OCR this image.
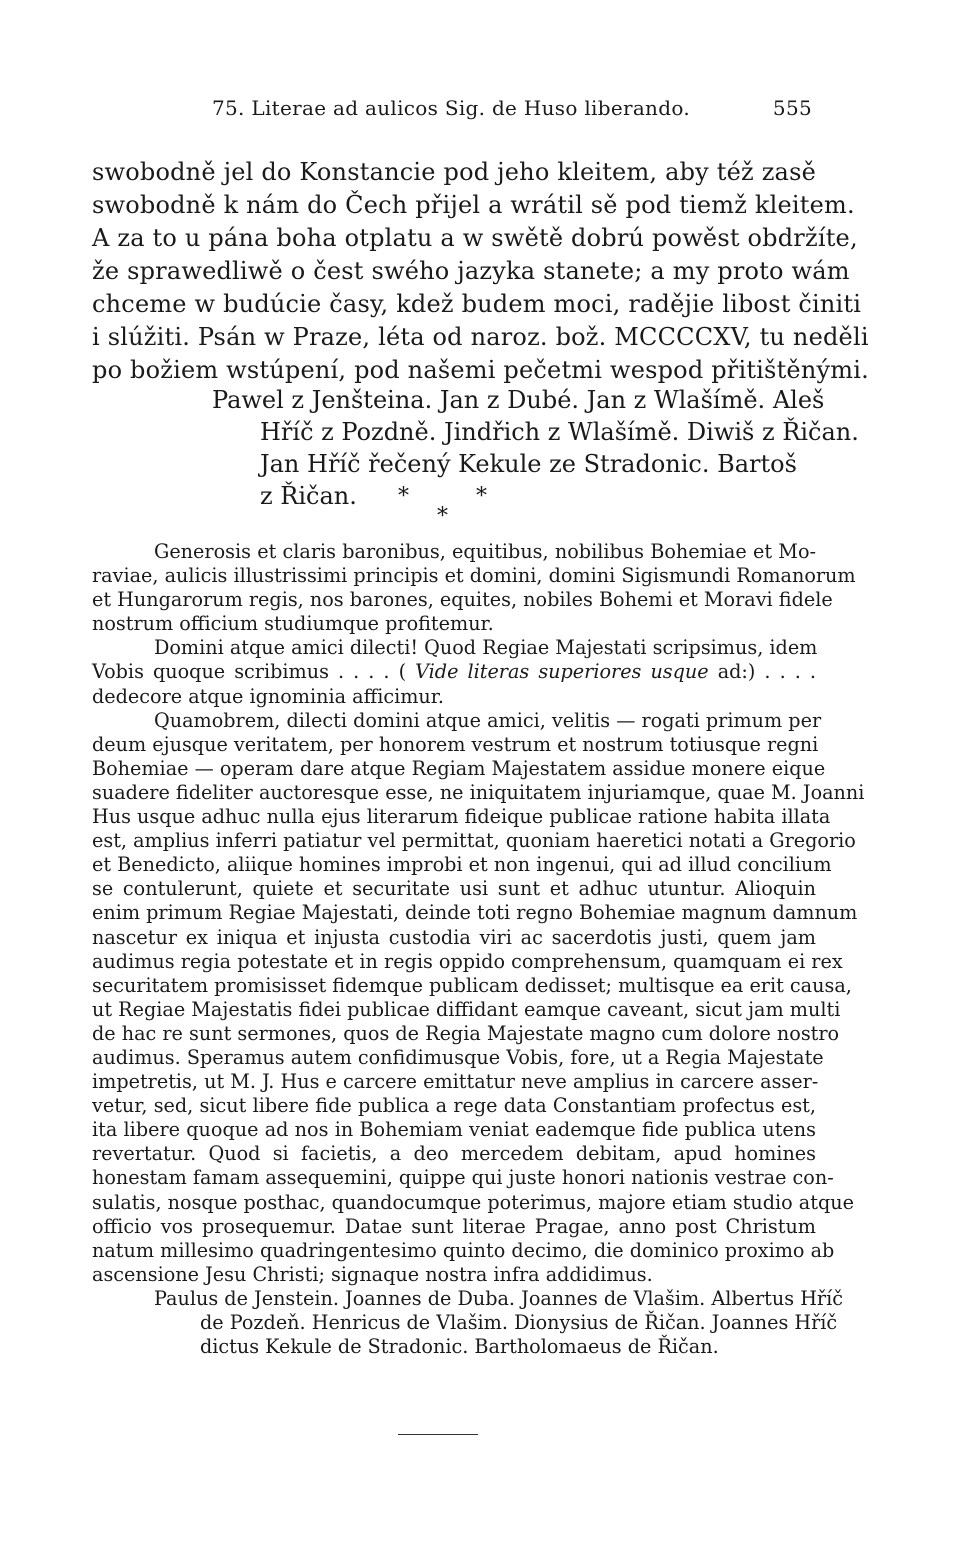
75. Literae ad aulicos Sig. de Huso liberando.	555
swobodně jel do Konstancie pod jeho kleitem, aby též zasě
swobodně k nám do Čech přijel a wrátil sě pod tiemž kleitem.
A za to u pána boha otplatu a w swětě dobrú powěst obdržíte,
že sprawedliwě o čest swého jazyka stanete; a my proto wám
chceme w budúcie časy, kdež budem moci, radějie libost činiti
i slúžiti. Psán w Praze, léta od naroz. bož. MCCCCXV, tu neděli
po božiem wstúpení, pod našemi pečetmi wespod přitištěnými.
Pawel z Jenšteina. Jan z Dubé. Jan z Wlašímě. Aleš
Hříč z Pozdně. Jindřich z Wlašímě. Diwiš z Řičan.
Jan Hříč řečený Kekule ze Stradonic. Bartoš
z Řičan.	*	*
*
Generosis et claris baronibus, equitibus, nobilibus Bohemiae et Mo-
raviae, aulicis illustrissimi principis et domini, domini Sigismundi Romanorum
et Hungarorum regis, nos barones, equites, nobiles Bohemi et Moravi fidele
nostrum officium studiumque profitemur.
Domini atque amici dilecti! Quod Regiae Majestati scripsimus, idem
Vobis quoque scribimus . . . . ( Vide literas superiores usque ad:) . . . .
dedecore atque ignominia afficimur.
Quamobrem, dilecti domini atque amici, velitis — rogati primum per
deum ejusque veritatem, per honorem vestrum et nostrum totiusque regni
Bohemiae — operam dare atque Regiam Majestatem assidue monere eique
suadere fideliter auctoresque esse, ne iniquitatem injuriamque, quae M. Joanni
Hus usque adhuc nulla ejus literarum fideique publicae ratione habita illata
est, amplius inferri patiatur vel permittat, quoniam haeretici notati a Gregorio
et Benedicto, aliique homines improbi et non ingenui, qui ad illud concilium
se contulerunt, quiete et securitate usi sunt et adhuc utuntur. Alioquin
enim primum Regiae Majestati, deinde toti regno Bohemiae magnum damnum
nascetur ex iniqua et injusta custodia viri ac sacerdotis justi, quem jam
audimus regia potestate et in regis oppido comprehensum, quamquam ei rex
securitatem promisisset fidemque publicam dedisset; multisque ea erit causa,
ut Regiae Majestatis fidei publicae diffidant eamque caveant, sicut jam multi
de hac re sunt sermones, quos de Regia Majestate magno cum dolore nostro
audimus. Speramus autem confidimusque Vobis, fore, ut a Regia Majestate
impetretis, ut M. J. Hus e carcere emittatur neve amplius in carcere asser-
vetur, sed, sicut libere fide publica a rege data Constantiam profectus est,
ita libere quoque ad nos in Bohemiam veniat eademque fide publica utens
revertatur. Quod si facietis, a deo mercedem debitam, apud homines
honestam famam assequemini, quippe qui juste honori nationis vestrae con-
sulatis, nosque posthac, quandocumque poterimus, majore etiam studio atque
officio vos prosequemur. Datae sunt literae Pragae, anno post Christum
natum millesimo quadringentesimo quinto decimo, die dominico proximo ab
ascensione Jesu Christi; signaque nostra infra addidimus.
Paulus de Jenstein. Joannes de Duba. Joannes de Vlašim. Albertus Hříč
de Pozdeň. Henricus de Vlašim. Dionysius de Řičan. Joannes Hříč
dictus Kekule de Stradonic. Bartholomaeus de Řičan.
